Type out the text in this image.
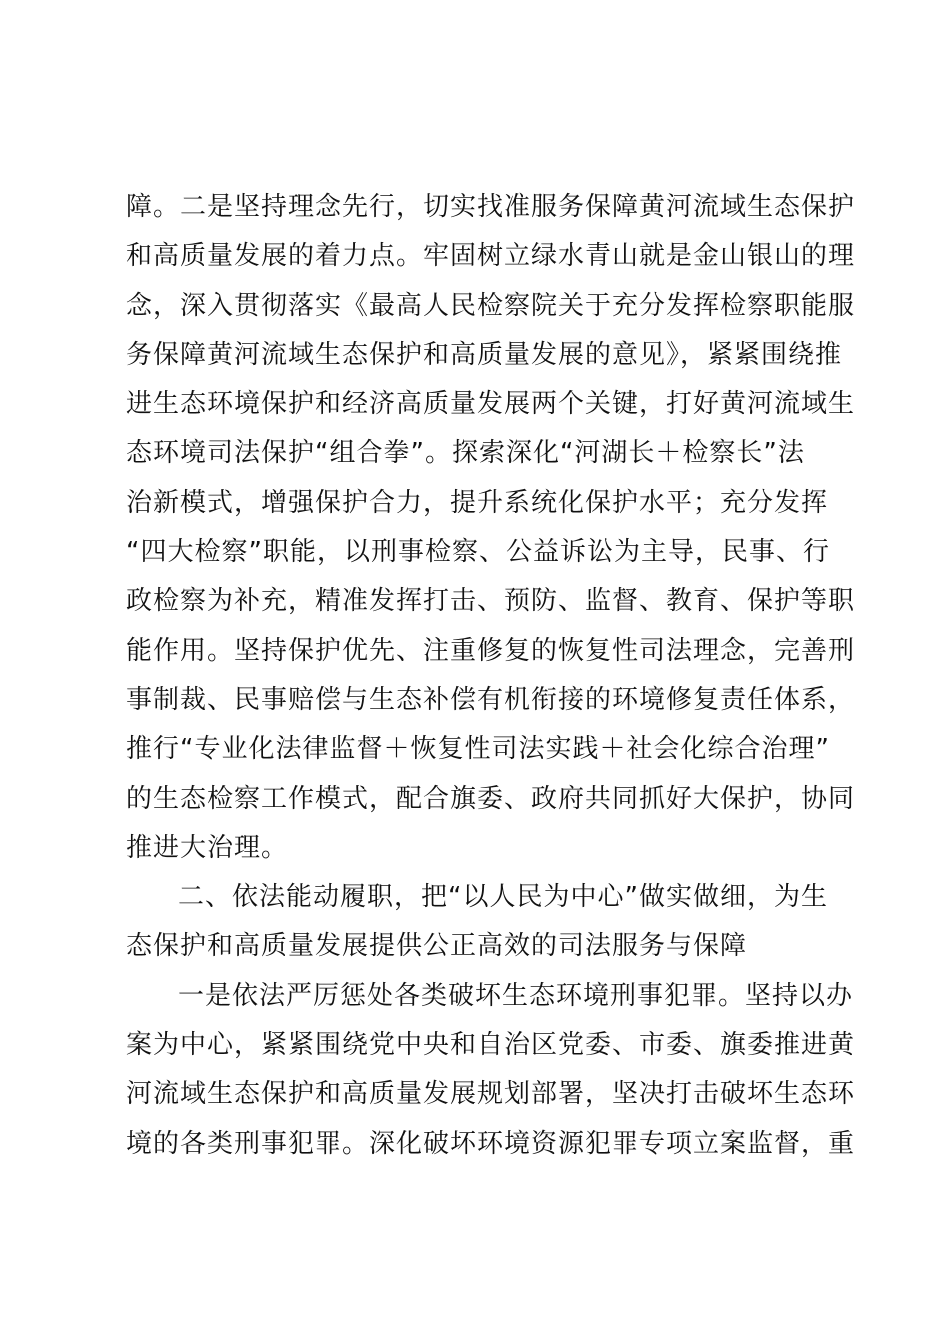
障。二是坚持理念先行，切实找准服务保障黄河流域生态保护
和高质量发展的着力点。牢固树立绿水青山就是金山银山的理
念，深入贯彻落实《最高人民检察院关于充分发挥检察职能服
务保障黄河流域生态保护和高质量发展的意见》，紧紧围绕推
进生态环境保护和经济高质量发展两个关键，打好黄河流域生
态环境司法保护“组合拳”。探索深化“河湖长＋检察长”法
治新模式，增强保护合力，提升系统化保护水平；充分发挥
“四大检察”职能，以刑事检察、公益诉讼为主导，民事、行
政检察为补充，精准发挥打击、预防、监督、教育、保护等职
能作用。坚持保护优先、注重修复的恢复性司法理念，完善刑
事制裁、民事赔偿与生态补偿有机衔接的环境修复责任体系，
推行“专业化法律监督＋恢复性司法实践＋社会化综合治理”
的生态检察工作模式，配合旗委、政府共同抓好大保护，协同
推进大治理。
二、依法能动履职，把“以人民为中心”做实做细，为生
态保护和高质量发展提供公正高效的司法服务与保障
一是依法严厉惩处各类破坏生态环境刑事犯罪。坚持以办
案为中心，紧紧围绕党中央和自治区党委、市委、旗委推进黄
河流域生态保护和高质量发展规划部署，坚决打击破坏生态环
境的各类刑事犯罪。深化破坏环境资源犯罪专项立案监督，重
